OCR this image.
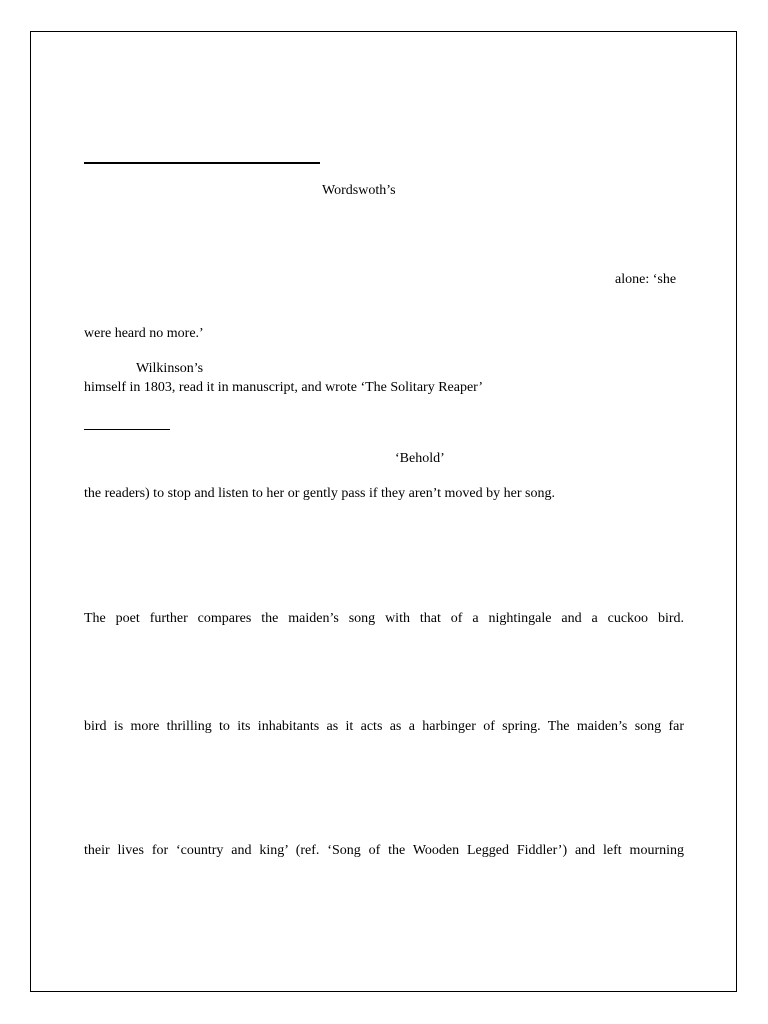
Wordswoth’s
alone: ‘she
were heard no more.’
Wilkinson’s
himself in 1803, read it in manuscript, and wrote ‘The Solitary Reaper’
‘Behold’
the readers) to stop and listen to her or gently pass if they aren’t moved by her song.
The poet further compares the maiden’s song with that of a nightingale and a cuckoo bird.
bird is more thrilling to its inhabitants as it acts as a harbinger of spring. The maiden’s song far
their lives for ‘country and king’ (ref. ‘Song of the Wooden Legged Fiddler’) and left mourning
